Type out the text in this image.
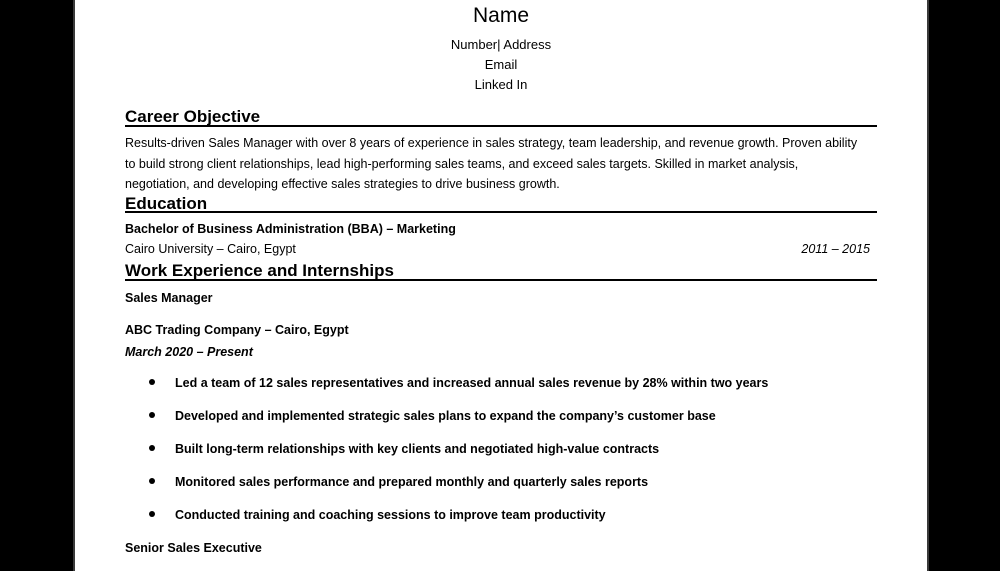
Name
Number| Address
Email
Linked In
Career Objective
Results-driven Sales Manager with over 8 years of experience in sales strategy, team leadership, and revenue growth. Proven ability
to build strong client relationships, lead high-performing sales teams, and exceed sales targets. Skilled in market analysis,
negotiation, and developing effective sales strategies to drive business growth.
Education
Bachelor of Business Administration (BBA) – Marketing
Cairo University – Cairo, Egypt	2011 – 2015
Work Experience and Internships
Sales Manager
ABC Trading Company – Cairo, Egypt
March 2020 – Present
Led a team of 12 sales representatives and increased annual sales revenue by 28% within two years
Developed and implemented strategic sales plans to expand the company’s customer base
Built long-term relationships with key clients and negotiated high-value contracts
Monitored sales performance and prepared monthly and quarterly sales reports
Conducted training and coaching sessions to improve team productivity
Senior Sales Executive
